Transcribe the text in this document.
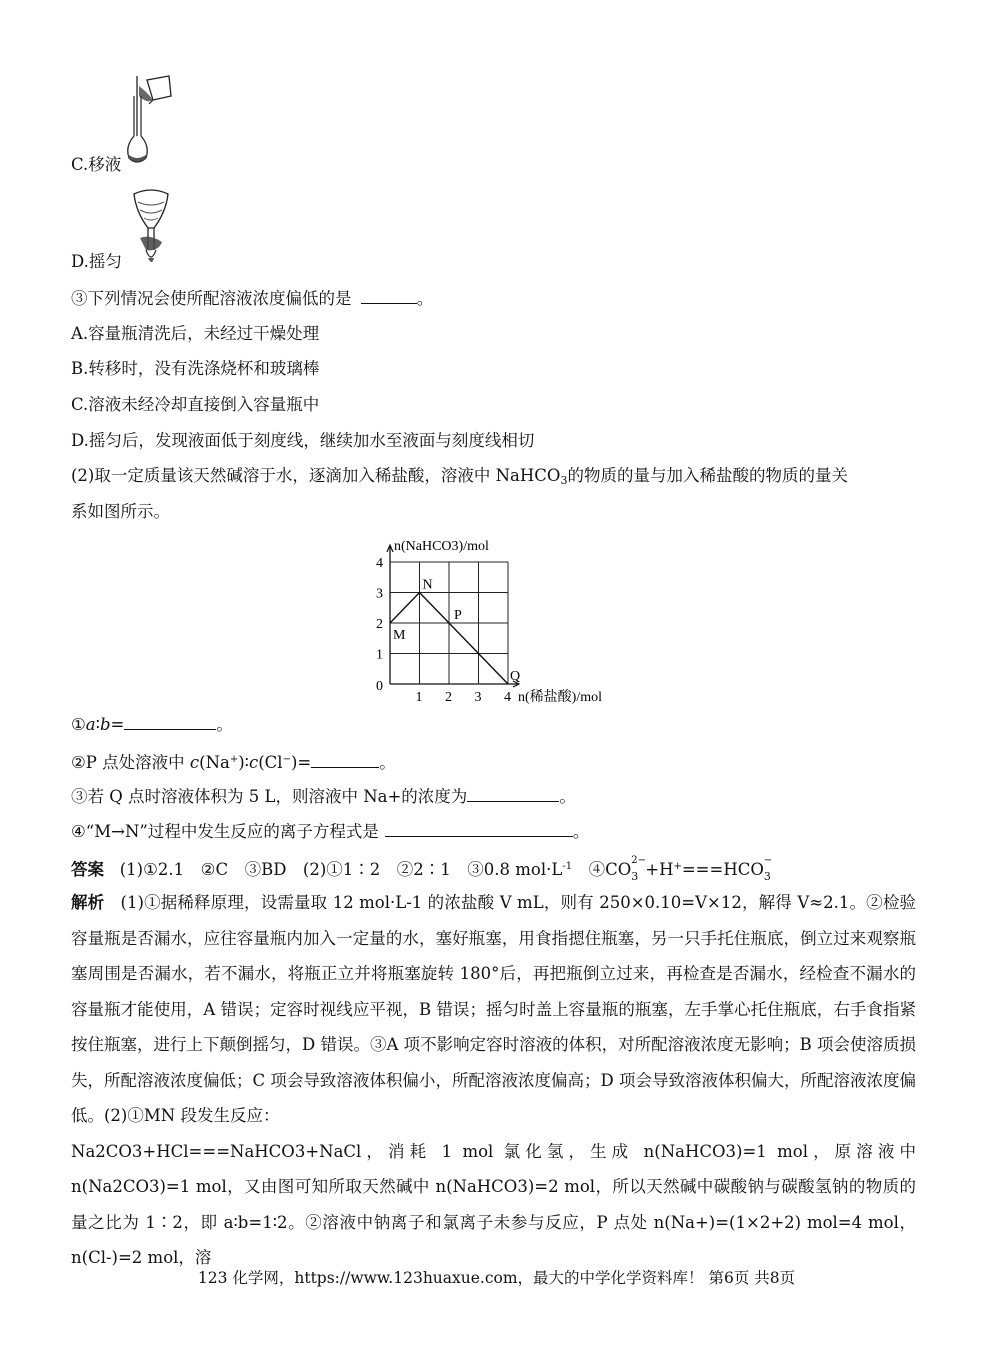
C.移液
D.摇匀
③下列情况会使所配溶液浓度偏低的是	。
A.容量瓶清洗后，未经过干燥处理
B.转移时，没有洗涤烧杯和玻璃棒
C.溶液未经冷却直接倒入容量瓶中
D.摇匀后，发现液面低于刻度线，继续加水至液面与刻度线相切
(2)取一定质量该天然碱溶于水，逐滴加入稀盐酸，溶液中 NaHCO$_3$的物质的量与加入稀盐酸的物质的量关
系如图所示。
0
1 2 3 4
1
2
3
4
n(NaHCO3)/mol
n(稀盐酸)/mol
M
N
P
Q
①a∶b=	。
②P 点处溶液中 c(Na+)∶c(Cl−)=	。
③若 Q 点时溶液体积为 5 L，则溶液中 Na+的浓度为	。
④“M→N”过程中发生反应的离子方程式是	。
答案 (1)①2.1　②C　③BD　(2)①1∶2　②2∶1　③0.8 $mol\cdot L^{-1}$　④CO 2−
3 +H+===HCO −
3
解析 (1)①据稀释原理，设需量取 12 mol·L-1 的浓盐酸 V mL，则有 250×0.10=V×12，解得 V≈2.1。②检验容量瓶是否漏水，应往容量瓶内加入一定量的水，塞好瓶塞，用食指摁住瓶塞，另一只手托住瓶底，倒立过来观察瓶塞周围是否漏水，若不漏水，将瓶正立并将瓶塞旋转 180°后，再把瓶倒立过来，再检查是否漏水，经检查不漏水的容量瓶才能使用，A 错误；定容时视线应平视，B 错误；摇匀时盖上容量瓶的瓶塞，左手掌心托住瓶底，右手食指紧按住瓶塞，进行上下颠倒摇匀，D 错误。③A 项不影响定容时溶液的体积，对所配溶液浓度无影响；B 项会使溶质损失，所配溶液浓度偏低；C 项会导致溶液体积偏小，所配溶液浓度偏高；D 项会导致溶液体积偏大，所配溶液浓度偏低。(2)①MN 段发生反应：
Na2CO3+HCl===NaHCO3+NaCl，消耗 1 mol 氯化氢，生成 n(NaHCO3)=1 mol，原溶液中 n(Na2CO3)=1 mol，又由图可知所取天然碱中 n(NaHCO3)=2 mol，所以天然碱中碳酸钠与碳酸氢钠的物质的量之比为 1∶2，即 a∶b=1∶2。②溶液中钠离子和氯离子未参与反应，P 点处 n(Na+)=(1×2+2) mol=4 mol，n(Cl-)=2 mol，溶
123 化学网，https://www.123huaxue.com，最大的中学化学资料库！ 第6页 共8页
